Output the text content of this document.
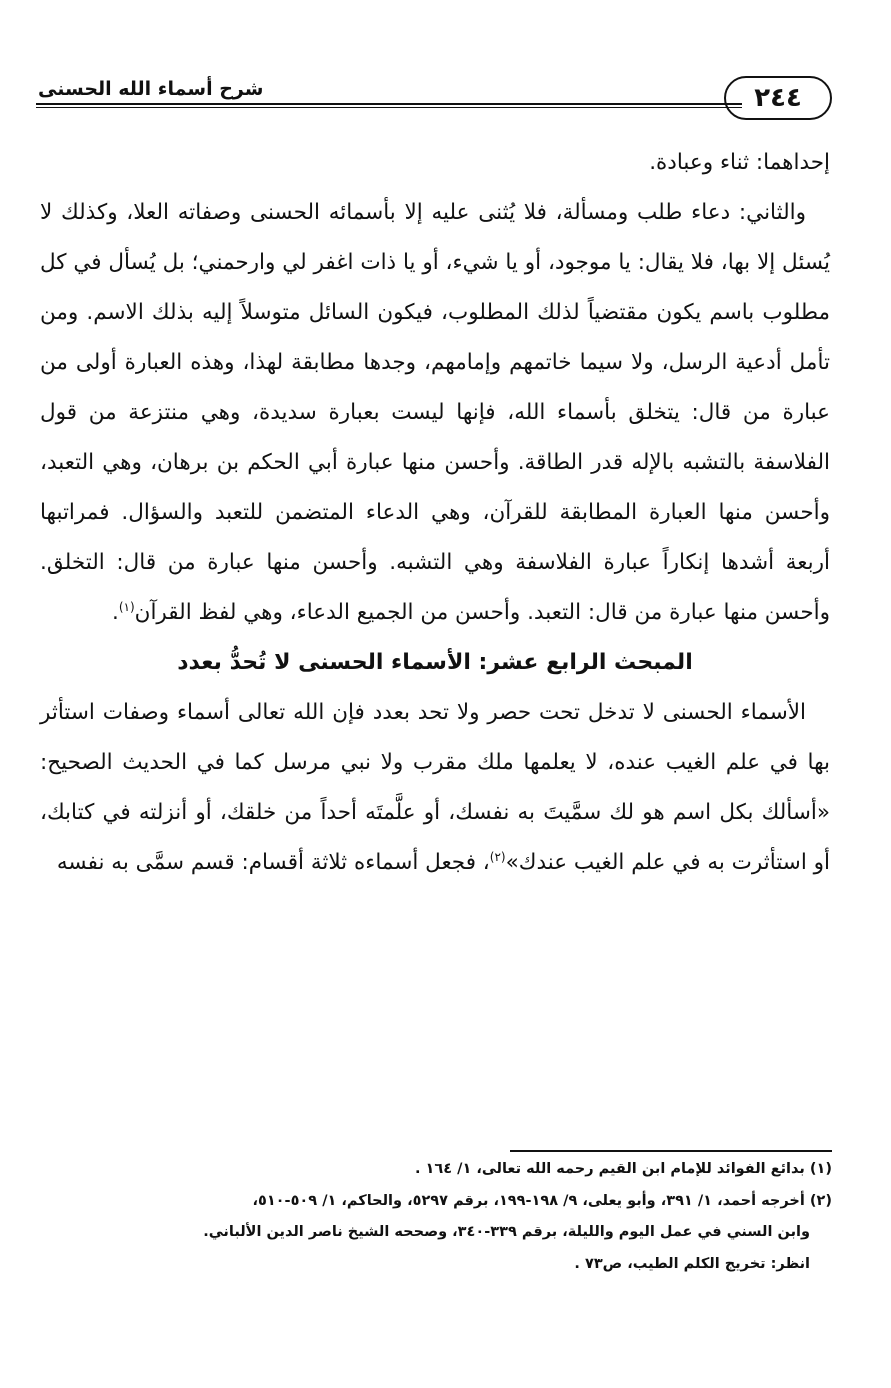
شرح أسماء الله الحسنى	٢٤٤

إحداهما: ثناء وعبادة.

والثاني: دعاء طلب ومسألة، فلا يُثنى عليه إلا بأسمائه الحسنى وصفاته العلا، وكذلك لا يُسئل إلا بها، فلا يقال: يا موجود، أو يا شيء، أو يا ذات اغفر لي وارحمني؛ بل يُسأل في كل مطلوب باسم يكون مقتضياً لذلك المطلوب، فيكون السائل متوسلاً إليه بذلك الاسم. ومن تأمل أدعية الرسل، ولا سيما خاتمهم وإمامهم، وجدها مطابقة لهذا، وهذه العبارة أولى من عبارة من قال: يتخلق بأسماء الله، فإنها ليست بعبارة سديدة، وهي منتزعة من قول الفلاسفة بالتشبه بالإله قدر الطاقة. وأحسن منها عبارة أبي الحكم بن برهان، وهي التعبد، وأحسن منها العبارة المطابقة للقرآن، وهي الدعاء المتضمن للتعبد والسؤال. فمراتبها أربعة أشدها إنكاراً عبارة الفلاسفة وهي التشبه. وأحسن منها عبارة من قال: التخلق. وأحسن منها عبارة من قال: التعبد. وأحسن من الجميع الدعاء، وهي لفظ القرآن$^{(١)}$.

المبحث الرابع عشر: الأسماء الحسنى لا تُحدُّ بعدد

الأسماء الحسنى لا تدخل تحت حصر ولا تحد بعدد فإن الله تعالى أسماء وصفات استأثر بها في علم الغيب عنده، لا يعلمها ملك مقرب ولا نبي مرسل كما في الحديث الصحيح: «أسألك بكل اسم هو لك سمَّيتَ به نفسك، أو علَّمتَه أحداً من خلقك، أو أنزلته في كتابك، أو استأثرت به في علم الغيب عندك»$^{(٢)}$، فجعل أسماءه ثلاثة أقسام: قسم سمَّى به نفسه

(١) بدائع الفوائد للإمام ابن القيم رحمه الله تعالى، ١/ ١٦٤ .

(٢) أخرجه أحمد، ١/ ٣٩١، وأبو يعلى، ٩/ ١٩٨-١٩٩، برقم ٥٢٩٧، والحاكم، ١/ ٥٠٩-٥١٠،

وابن السني في عمل اليوم والليلة، برقم ٣٣٩-٣٤٠، وصححه الشيخ ناصر الدين الألباني.

انظر: تخريج الكلم الطيب، ص٧٣ .
